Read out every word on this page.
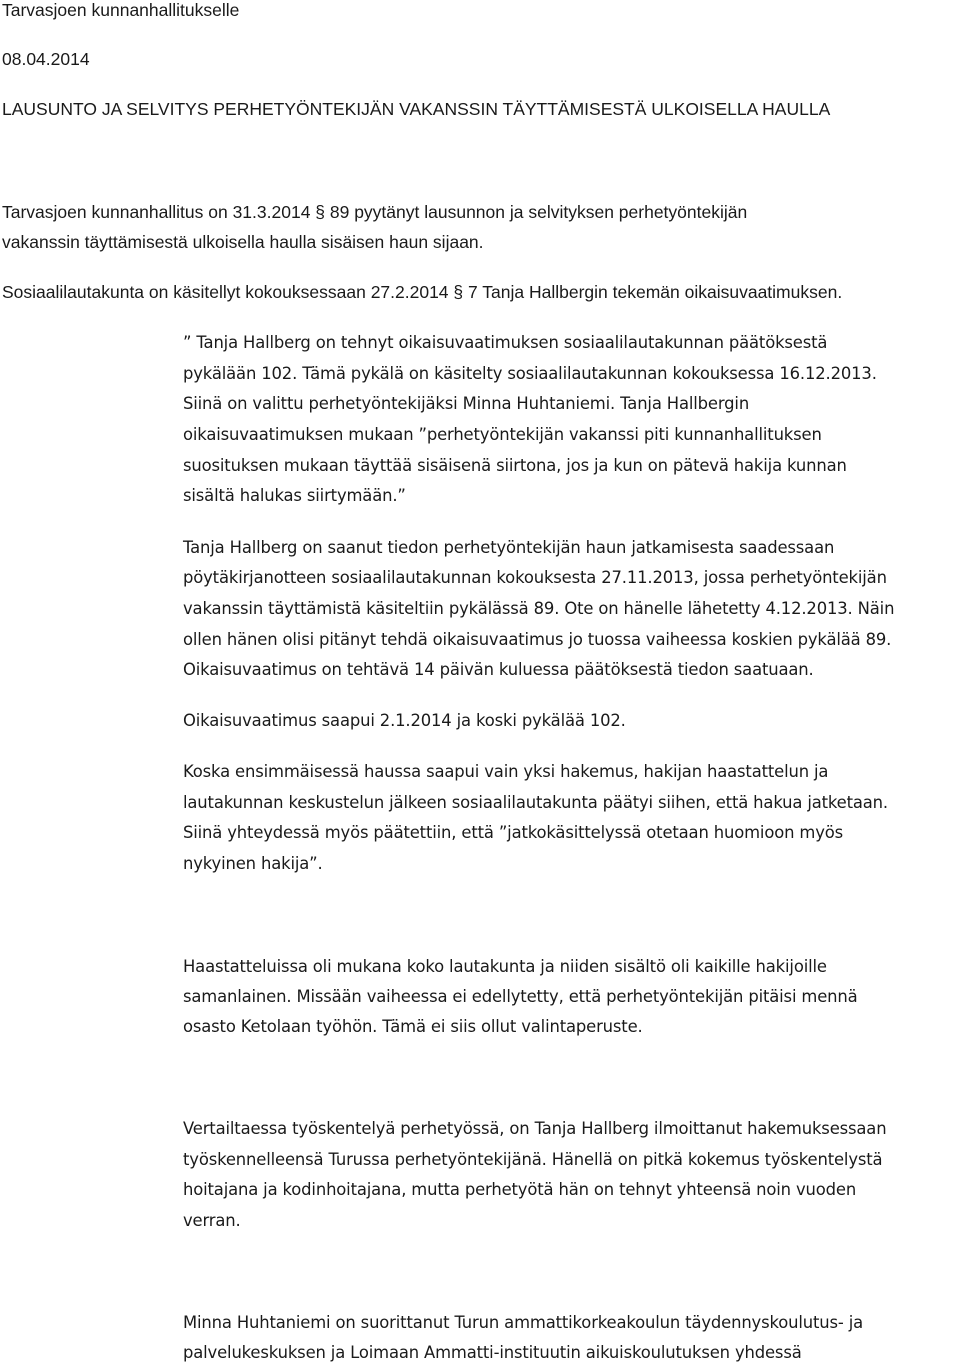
Tarvasjoen kunnanhallitukselle

08.04.2014

LAUSUNTO JA SELVITYS PERHETYÖNTEKIJÄN VAKANSSIN TÄYTTÄMISESTÄ ULKOISELLA HAULLA

Tarvasjoen kunnanhallitus on 31.3.2014 § 89 pyytänyt lausunnon ja selvityksen perhetyöntekijän

vakanssin täyttämisestä ulkoisella haulla sisäisen haun sijaan.

Sosiaalilautakunta on käsitellyt kokouksessaan 27.2.2014 § 7 Tanja Hallbergin tekemän oikaisuvaatimuksen.

” Tanja Hallberg on tehnyt oikaisuvaatimuksen sosiaalilautakunnan päätöksestä

pykälään 102. Tämä pykälä on käsitelty sosiaalilautakunnan kokouksessa 16.12.2013.

Siinä on valittu perhetyöntekijäksi Minna Huhtaniemi. Tanja Hallbergin

oikaisuvaatimuksen mukaan ”perhetyöntekijän vakanssi piti kunnanhallituksen

suosituksen mukaan täyttää sisäisenä siirtona, jos ja kun on pätevä hakija kunnan

sisältä halukas siirtymään.”

Tanja Hallberg on saanut tiedon perhetyöntekijän haun jatkamisesta saadessaan

pöytäkirjanotteen sosiaalilautakunnan kokouksesta 27.11.2013, jossa perhetyöntekijän

vakanssin täyttämistä käsiteltiin pykälässä 89. Ote on hänelle lähetetty 4.12.2013. Näin

ollen hänen olisi pitänyt tehdä oikaisuvaatimus jo tuossa vaiheessa koskien pykälää 89.

Oikaisuvaatimus on tehtävä 14 päivän kuluessa päätöksestä tiedon saatuaan.

Oikaisuvaatimus saapui 2.1.2014 ja koski pykälää 102.

Koska ensimmäisessä haussa saapui vain yksi hakemus, hakijan haastattelun ja

lautakunnan keskustelun jälkeen sosiaalilautakunta päätyi siihen, että hakua jatketaan.

Siinä yhteydessä myös päätettiin, että ”jatkokäsittelyssä otetaan huomioon myös

nykyinen hakija”.

Haastatteluissa oli mukana koko lautakunta ja niiden sisältö oli kaikille hakijoille

samanlainen. Missään vaiheessa ei edellytetty, että perhetyöntekijän pitäisi mennä

osasto Ketolaan työhön. Tämä ei siis ollut valintaperuste.

Vertailtaessa työskentelyä perhetyössä, on Tanja Hallberg ilmoittanut hakemuksessaan

työskennelleensä Turussa perhetyöntekijänä. Hänellä on pitkä kokemus työskentelystä

hoitajana ja kodinhoitajana, mutta perhetyötä hän on tehnyt yhteensä noin vuoden

verran.

Minna Huhtaniemi on suorittanut Turun ammattikorkeakoulun täydennyskoulutus- ja

palvelukeskuksen ja Loimaan Ammatti-instituutin aikuiskoulutuksen yhdessä
